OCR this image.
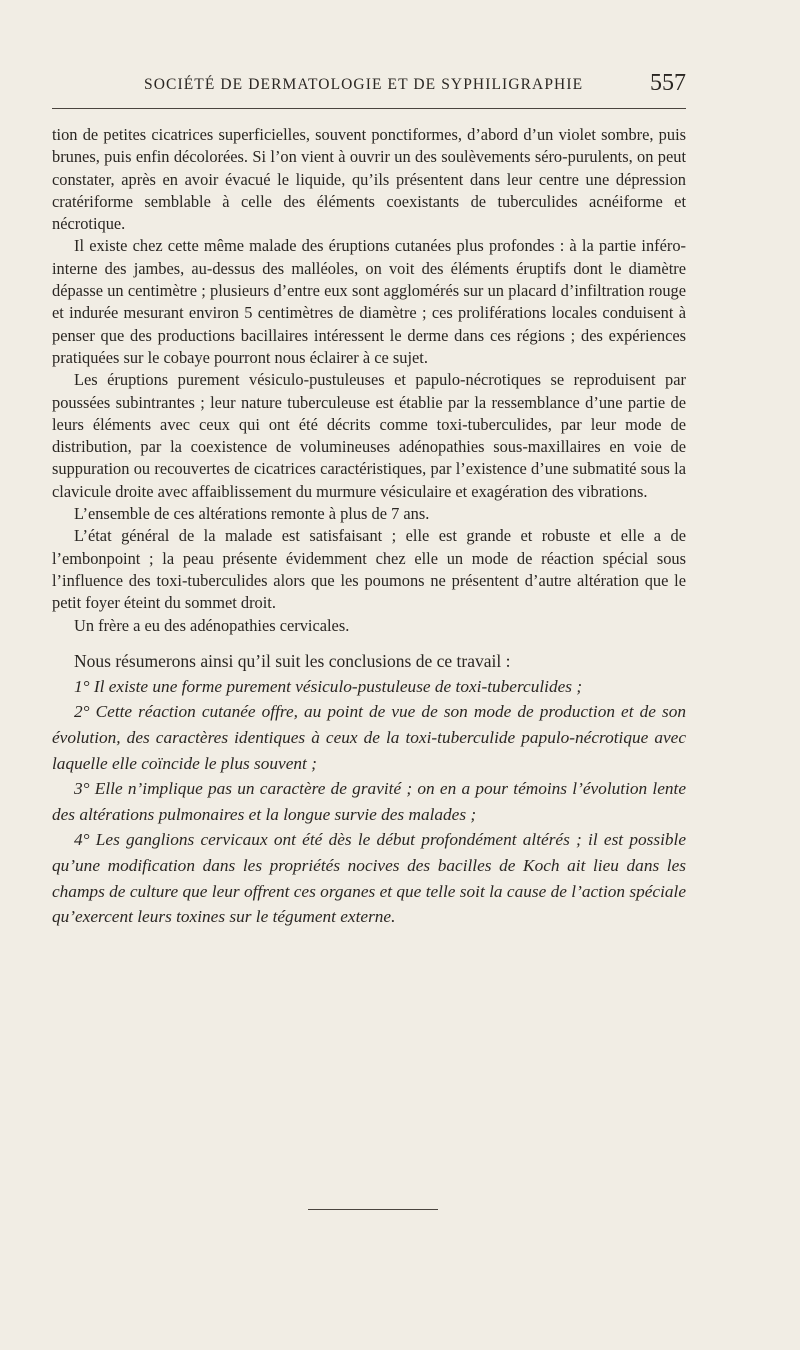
SOCIÉTÉ DE DERMATOLOGIE ET DE SYPHILIGRAPHIE	557

tion de petites cicatrices superficielles, souvent ponctiformes, d’abord d’un violet sombre, puis brunes, puis enfin décolorées. Si l’on vient à ouvrir un des soulèvements séro-purulents, on peut constater, après en avoir évacué le liquide, qu’ils présentent dans leur centre une dépression cratériforme semblable à celle des éléments coexistants de tuberculides acnéiforme et nécrotique.

Il existe chez cette même malade des éruptions cutanées plus profondes : à la partie inféro-interne des jambes, au-dessus des malléoles, on voit des éléments éruptifs dont le diamètre dépasse un centimètre ; plusieurs d’entre eux sont agglomérés sur un placard d’infiltration rouge et indurée mesurant environ 5 centimètres de diamètre ; ces proliférations locales conduisent à penser que des productions bacillaires intéressent le derme dans ces régions ; des expériences pratiquées sur le cobaye pourront nous éclairer à ce sujet.

Les éruptions purement vésiculo-pustuleuses et papulo-nécrotiques se reproduisent par poussées subintrantes ; leur nature tuberculeuse est établie par la ressemblance d’une partie de leurs éléments avec ceux qui ont été décrits comme toxi-tuberculides, par leur mode de distribution, par la coexistence de volumineuses adénopathies sous-maxillaires en voie de suppuration ou recouvertes de cicatrices caractéristiques, par l’existence d’une submatité sous la clavicule droite avec affaiblissement du murmure vésiculaire et exagération des vibrations.

L’ensemble de ces altérations remonte à plus de 7 ans.

L’état général de la malade est satisfaisant ; elle est grande et robuste et elle a de l’embonpoint ; la peau présente évidemment chez elle un mode de réaction spécial sous l’influence des toxi-tuberculides alors que les poumons ne présentent d’autre altération que le petit foyer éteint du sommet droit.

Un frère a eu des adénopathies cervicales.

Nous résumerons ainsi qu’il suit les conclusions de ce travail :

1° Il existe une forme purement vésiculo-pustuleuse de toxi-tuberculides ;

2° Cette réaction cutanée offre, au point de vue de son mode de production et de son évolution, des caractères identiques à ceux de la toxi-tuberculide papulo-nécrotique avec laquelle elle coïncide le plus souvent ;

3° Elle n’implique pas un caractère de gravité ; on en a pour témoins l’évolution lente des altérations pulmonaires et la longue survie des malades ;

4° Les ganglions cervicaux ont été dès le début profondément altérés ; il est possible qu’une modification dans les propriétés nocives des bacilles de Koch ait lieu dans les champs de culture que leur offrent ces organes et que telle soit la cause de l’action spéciale qu’exercent leurs toxines sur le tégument externe.
